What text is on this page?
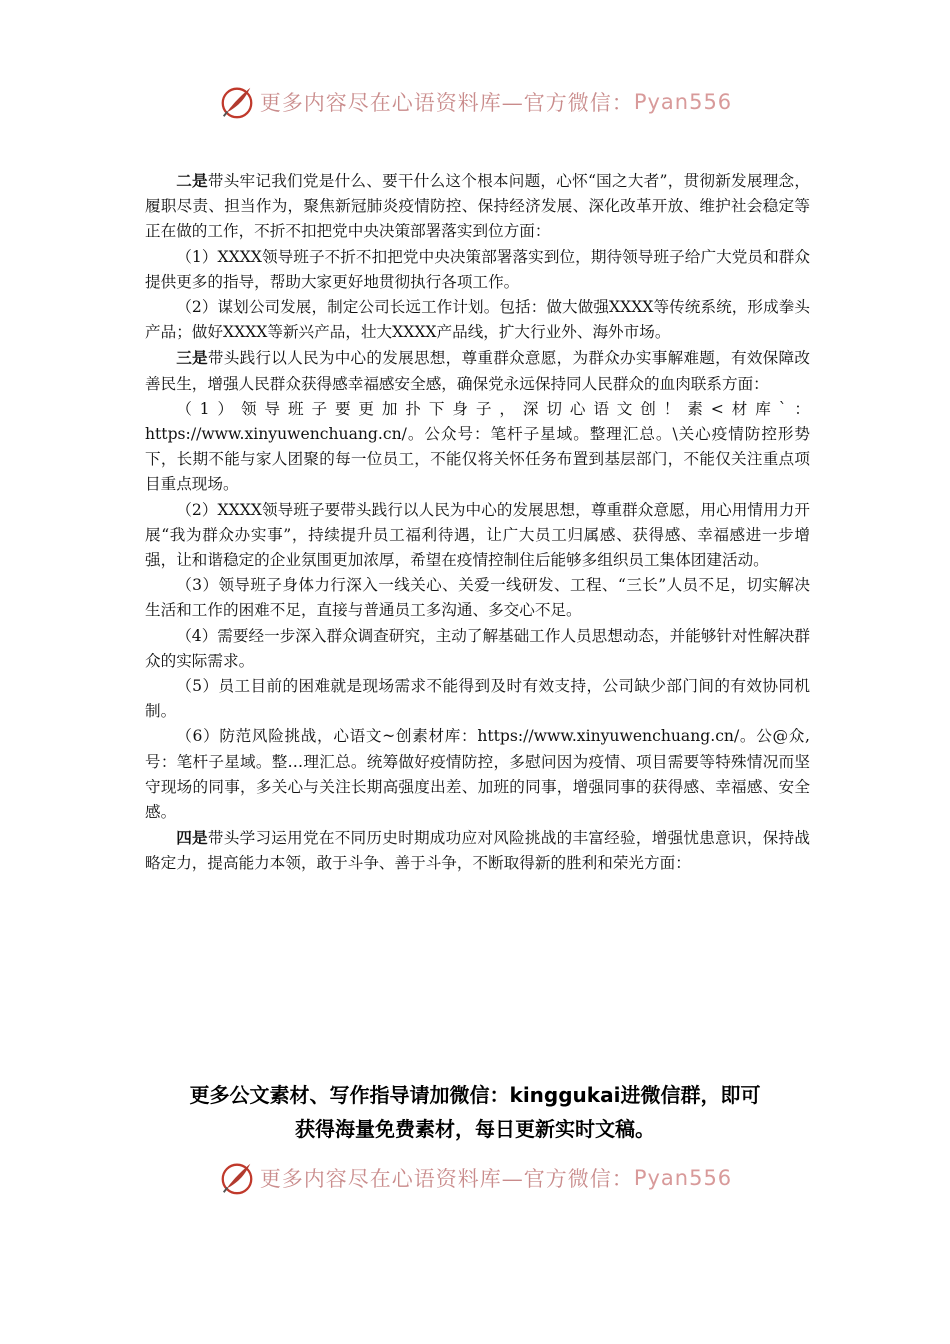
更多内容尽在心语资料库—官方微信： Pyan556

二是带头牢记我们党是什么、要干什么这个根本问题，心怀“国之大者”，贯彻新发展理念，履职尽责、担当作为，聚焦新冠肺炎疫情防控、保持经济发展、深化改革开放、维护社会稳定等正在做的工作，不折不扣把党中央决策部署落实到位方面：

（1）XXXX领导班子不折不扣把党中央决策部署落实到位，期待领导班子给广大党员和群众提供更多的指导，帮助大家更好地贯彻执行各项工作。

（2）谋划公司发展，制定公司长远工作计划。包括：做大做强XXXX等传统系统，形成拳头产品；做好XXXX等新兴产品，壮大XXXX产品线，扩大行业外、海外市场。

三是带头践行以人民为中心的发展思想，尊重群众意愿，为群众办实事解难题，有效保障改善民生，增强人民群众获得感幸福感安全感，确保党永远保持同人民群众的血肉联系方面：

（1）领导班子要更加扑下身子，深切心语文创！素<材库`：https://www.xinyuwenchuang.cn/。公众号：笔杆子星域。整理汇总。\关心疫情防控形势下，长期不能与家人团聚的每一位员工，不能仅将关怀任务布置到基层部门，不能仅关注重点项目重点现场。

（2）XXXX领导班子要带头践行以人民为中心的发展思想，尊重群众意愿，用心用情用力开展“我为群众办实事”，持续提升员工福利待遇，让广大员工归属感、获得感、幸福感进一步增强，让和谐稳定的企业氛围更加浓厚，希望在疫情控制住后能够多组织员工集体团建活动。

（3）领导班子身体力行深入一线关心、关爱一线研发、工程、“三长”人员不足，切实解决生活和工作的困难不足，直接与普通员工多沟通、多交心不足。

（4）需要经一步深入群众调查研究，主动了解基础工作人员思想动态，并能够针对性解决群众的实际需求。

（5）员工目前的困难就是现场需求不能得到及时有效支持，公司缺少部门间的有效协同机制。

（6）防范风险挑战，心语文~创素材库：https://www.xinyuwenchuang.cn/。公@众,号：笔杆子星域。整…理汇总。统筹做好疫情防控，多慰问因为疫情、项目需要等特殊情况而坚守现场的同事，多关心与关注长期高强度出差、加班的同事，增强同事的获得感、幸福感、安全感。

四是带头学习运用党在不同历史时期成功应对风险挑战的丰富经验，增强忧患意识，保持战略定力，提高能力本领，敢于斗争、善于斗争，不断取得新的胜利和荣光方面：

更多公文素材、写作指导请加微信：kinggukai进微信群，即可
获得海量免费素材，每日更新实时文稿。
更多内容尽在心语资料库—官方微信： Pyan556
